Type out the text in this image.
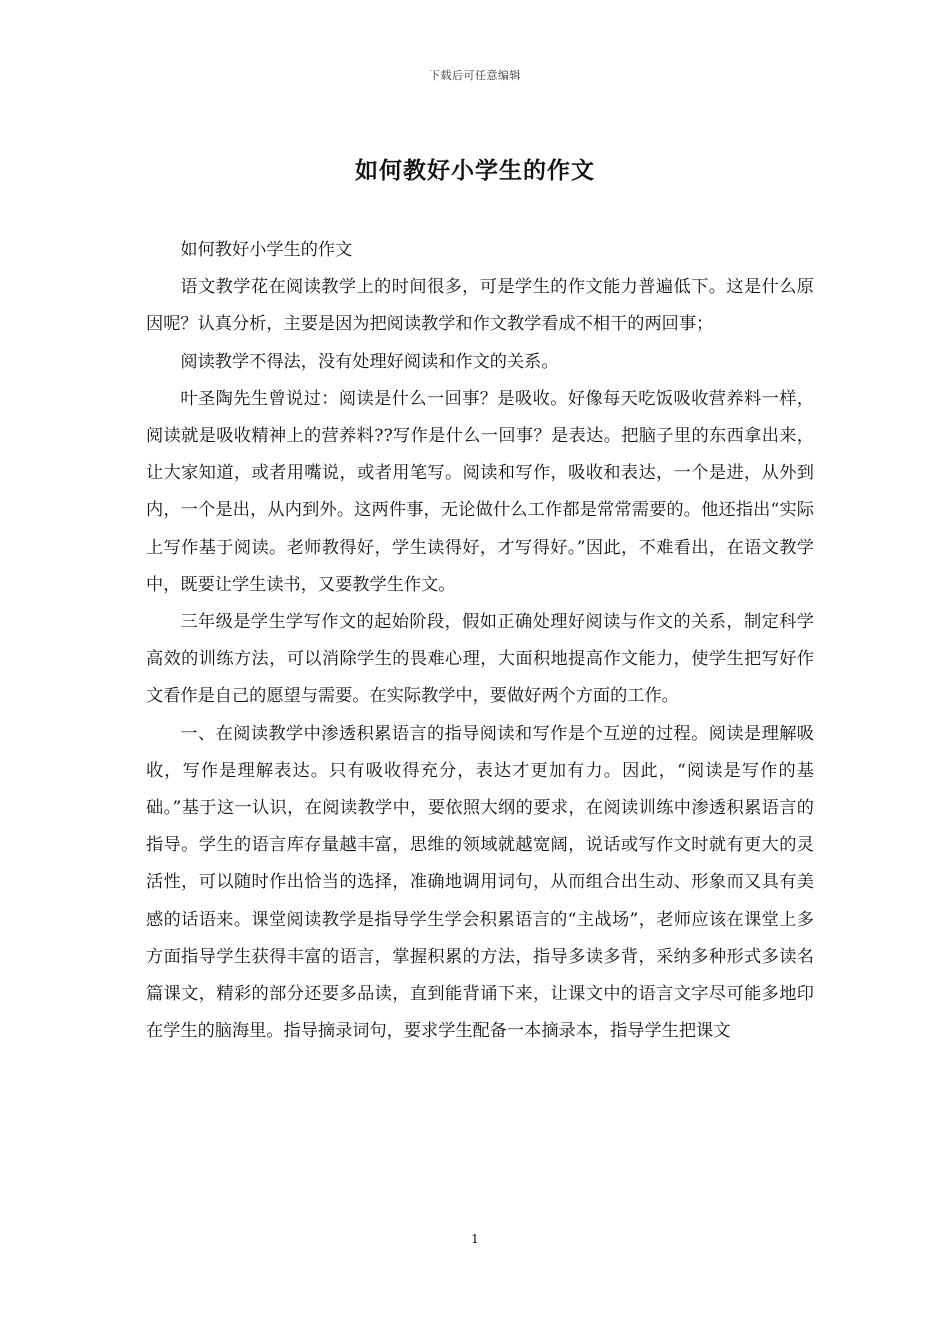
下载后可任意编辑
如何教好小学生的作文

如何教好小学生的作文

语文教学花在阅读教学上的时间很多，可是学生的作文能力普遍低下。这是什么原因呢？认真分析，主要是因为把阅读教学和作文教学看成不相干的两回事；

阅读教学不得法，没有处理好阅读和作文的关系。

叶圣陶先生曾说过：阅读是什么一回事？是吸收。好像每天吃饭吸收营养料一样，阅读就是吸收精神上的营养料??写作是什么一回事？是表达。把脑子里的东西拿出来，让大家知道，或者用嘴说，或者用笔写。阅读和写作，吸收和表达，一个是进，从外到内，一个是出，从内到外。这两件事，无论做什么工作都是常常需要的。他还指出“实际上写作基于阅读。老师教得好，学生读得好，才写得好。”因此，不难看出，在语文教学中，既要让学生读书，又要教学生作文。

三年级是学生学写作文的起始阶段，假如正确处理好阅读与作文的关系，制定科学高效的训练方法，可以消除学生的畏难心理，大面积地提高作文能力，使学生把写好作文看作是自己的愿望与需要。在实际教学中，要做好两个方面的工作。

一、在阅读教学中渗透积累语言的指导阅读和写作是个互逆的过程。阅读是理解吸收，写作是理解表达。只有吸收得充分，表达才更加有力。因此，“阅读是写作的基础。”基于这一认识，在阅读教学中，要依照大纲的要求，在阅读训练中渗透积累语言的指导。学生的语言库存量越丰富，思维的领域就越宽阔，说话或写作文时就有更大的灵活性，可以随时作出恰当的选择，准确地调用词句，从而组合出生动、形象而又具有美感的话语来。课堂阅读教学是指导学生学会积累语言的“主战场”，老师应该在课堂上多方面指导学生获得丰富的语言，掌握积累的方法，指导多读多背，采纳多种形式多读名篇课文，精彩的部分还要多品读，直到能背诵下来，让课文中的语言文字尽可能多地印在学生的脑海里。指导摘录词句，要求学生配备一本摘录本，指导学生把课文

1
